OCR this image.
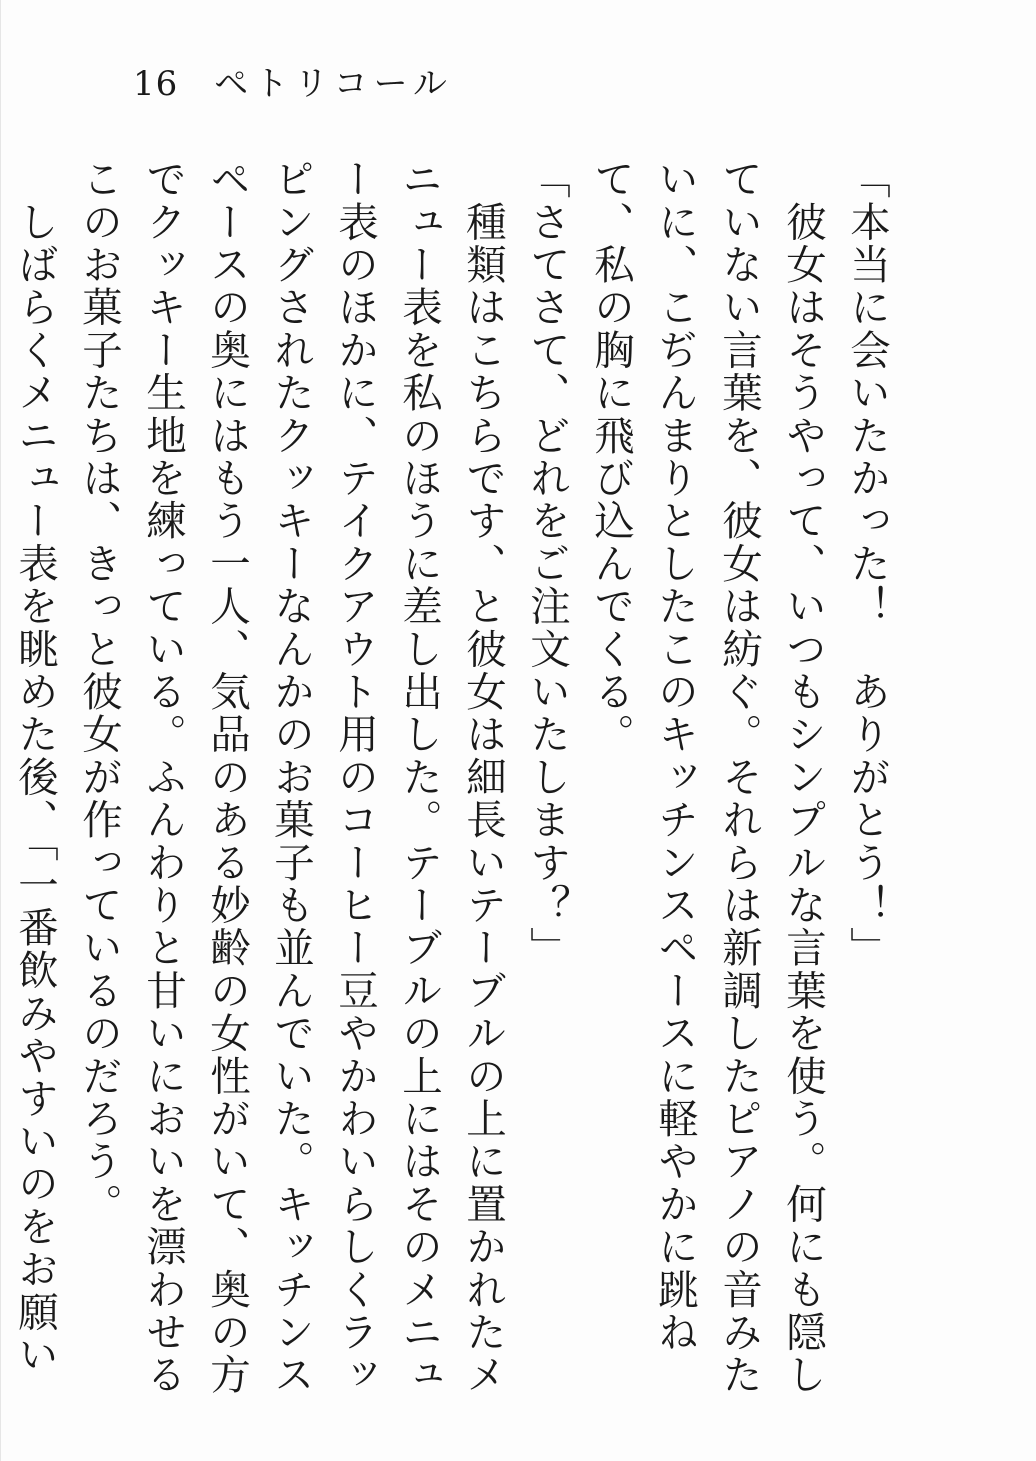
16 ペトリコール

「本当に会いたかった！　ありがとう！」

　彼女はそうやって、いつもシンプルな言葉を使う。何にも隠していない言葉を、彼女は紡ぐ。それらは新調したピアノの音みたいに、こぢんまりとしたこのキッチンスペースに軽やかに跳ねて、私の胸に飛び込んでくる。

「さてさて、どれをご注文いたします？」

　種類はこちらです、と彼女は細長いテーブルの上に置かれたメニュー表を私のほうに差し出した。テーブルの上にはそのメニュー表のほかに、テイクアウト用のコーヒー豆やかわいらしくラッピングされたクッキーなんかのお菓子も並んでいた。キッチンスペースの奥にはもう一人、気品のある妙齢の女性がいて、奥の方でクッキー生地を練っている。ふんわりと甘いにおいを漂わせるこのお菓子たちは、きっと彼女が作っているのだろう。

　しばらくメニュー表を眺めた後、「一番飲みやすいのをお願い
